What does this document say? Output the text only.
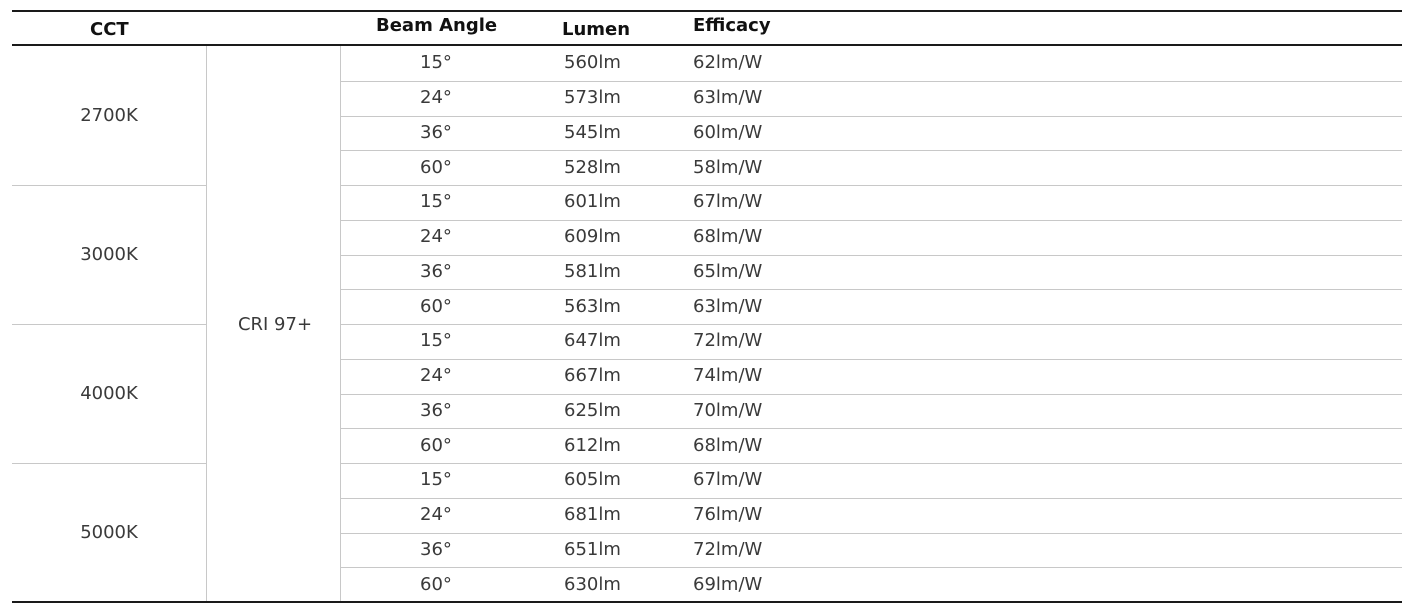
CCT	Beam Angle	Lumen	Efficacy
CRI 97+
2700K
15°	560lm	62lm/W
24°	573lm	63lm/W
36°	545lm	60lm/W
60°	528lm	58lm/W
3000K
15°	601lm	67lm/W
24°	609lm	68lm/W
36°	581lm	65lm/W
60°	563lm	63lm/W
4000K
15°	647lm	72lm/W
24°	667lm	74lm/W
36°	625lm	70lm/W
60°	612lm	68lm/W
5000K
15°	605lm	67lm/W
24°	681lm	76lm/W
36°	651lm	72lm/W
60°	630lm	69lm/W
